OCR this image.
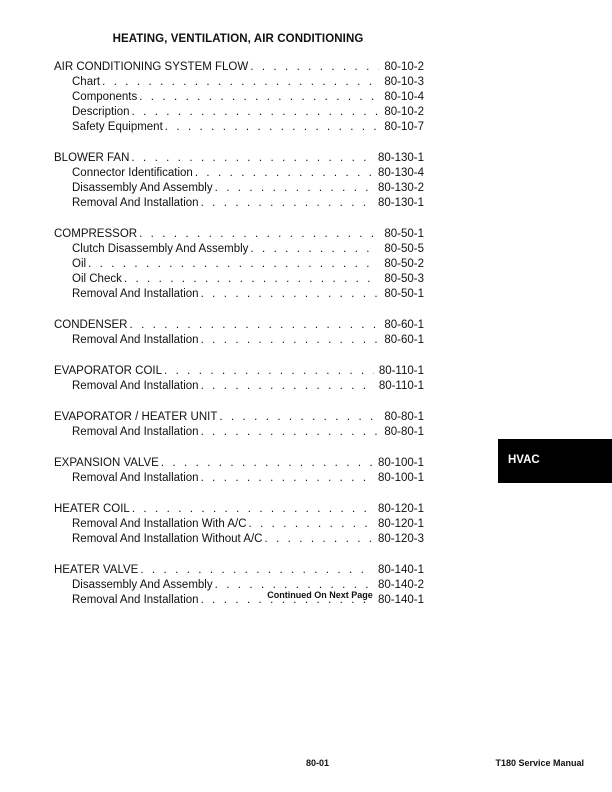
HEATING, VENTILATION, AIR CONDITIONING
AIR CONDITIONING SYSTEM FLOW . . .	80-10-2
Chart . . .	80-10-3
Components . . .	80-10-4
Description . . .	80-10-2
Safety Equipment . . .	80-10-7
BLOWER FAN . . .	80-130-1
Connector Identification . . .	80-130-4
Disassembly And Assembly . . .	80-130-2
Removal And Installation . . .	80-130-1
COMPRESSOR . . .	80-50-1
Clutch Disassembly And Assembly . . .	80-50-5
Oil . . .	80-50-2
Oil Check . . .	80-50-3
Removal And Installation . . .	80-50-1
CONDENSER . . .	80-60-1
Removal And Installation . . .	80-60-1
EVAPORATOR COIL . . .	80-110-1
Removal And Installation . . .	80-110-1
EVAPORATOR / HEATER UNIT . . .	80-80-1
Removal And Installation . . .	80-80-1
EXPANSION VALVE . . .	80-100-1
Removal And Installation . . .	80-100-1
HEATER COIL . . .	80-120-1
Removal And Installation With A/C . . .	80-120-1
Removal And Installation Without A/C . . .	80-120-3
HEATER VALVE . . .	80-140-1
Disassembly And Assembly . . .	80-140-2
Removal And Installation . . .	80-140-1
Continued On Next Page
HVAC
80-01	T180 Service Manual
